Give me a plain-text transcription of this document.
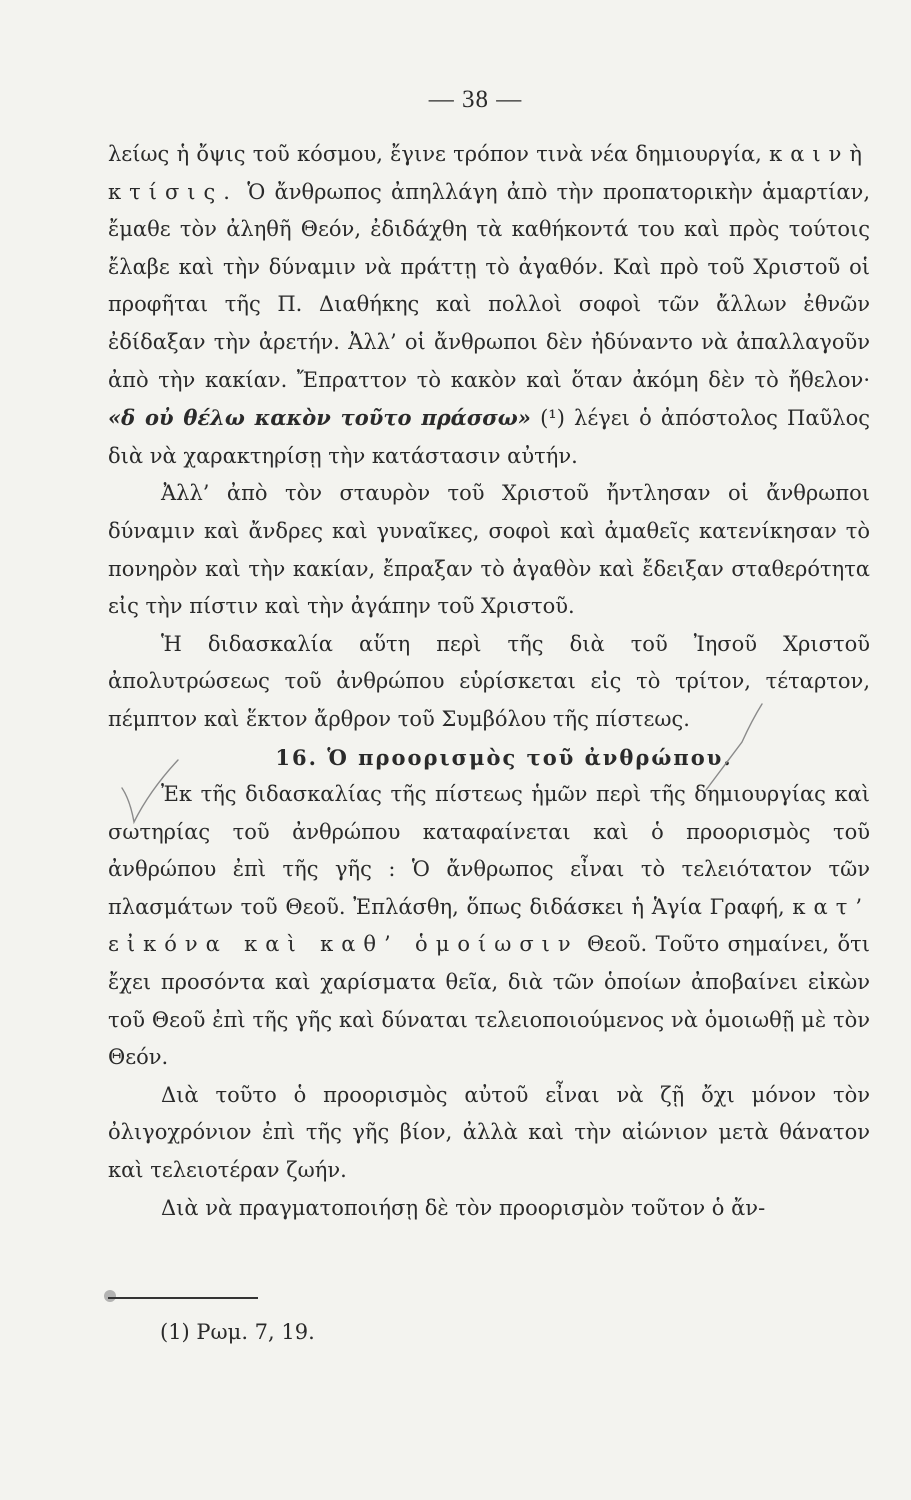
— 38 —

λείως ἡ ὄψις τοῦ κόσμου, ἔγινε τρόπον τινὰ νέα δημιουργία, καινὴ κτίσις. Ὁ ἄνθρωπος ἀπηλλάγη ἀπὸ τὴν προπατορικὴν ἁμαρτίαν, ἔμαθε τὸν ἀληθῆ Θεόν, ἐδιδάχθη τὰ καθήκοντά του καὶ πρὸς τούτοις ἔλαβε καὶ τὴν δύναμιν νὰ πράττῃ τὸ ἀγαθόν. Καὶ πρὸ τοῦ Χριστοῦ οἱ προφῆται τῆς Π. Διαθήκης καὶ πολλοὶ σοφοὶ τῶν ἄλλων ἐθνῶν ἐδίδαξαν τὴν ἀρετήν. Ἀλλ’ οἱ ἄνθρωποι δὲν ἠδύναντο νὰ ἀπαλλαγοῦν ἀπὸ τὴν κακίαν. Ἔπραττον τὸ κακὸν καὶ ὅταν ἀκόμη δὲν τὸ ἤθελον· «δ οὐ θέλω κακὸν τοῦτο πράσσω» (¹) λέγει ὁ ἀπόστολος Παῦλος διὰ νὰ χαρακτηρίσῃ τὴν κατάστασιν αὐτήν.

Ἀλλ’ ἀπὸ τὸν σταυρὸν τοῦ Χριστοῦ ἤντλησαν οἱ ἄνθρωποι δύναμιν καὶ ἄνδρες καὶ γυναῖκες, σοφοὶ καὶ ἀμαθεῖς κατενίκησαν τὸ πονηρὸν καὶ τὴν κακίαν, ἔπραξαν τὸ ἀγαθὸν καὶ ἔδειξαν σταθερότητα εἰς τὴν πίστιν καὶ τὴν ἀγάπην τοῦ Χριστοῦ.

Ἡ διδασκαλία αὕτη περὶ τῆς διὰ τοῦ Ἰησοῦ Χριστοῦ ἀπολυτρώσεως τοῦ ἀνθρώπου εὑρίσκεται εἰς τὸ τρίτον, τέταρτον, πέμπτον καὶ ἕκτον ἄρθρον τοῦ Συμβόλου τῆς πίστεως.

16. Ὁ προορισμὸς τοῦ ἀνθρώπου.

Ἐκ τῆς διδασκαλίας τῆς πίστεως ἡμῶν περὶ τῆς δημιουργίας καὶ σωτηρίας τοῦ ἀνθρώπου καταφαίνεται καὶ ὁ προορισμὸς τοῦ ἀνθρώπου ἐπὶ τῆς γῆς : Ὁ ἄνθρωπος εἶναι τὸ τελειότατον τῶν πλασμάτων τοῦ Θεοῦ. Ἐπλάσθη, ὅπως διδάσκει ἡ Ἁγία Γραφή, κατ’ εἰκόνα καὶ καθ’ ὁμοίωσιν Θεοῦ. Τοῦτο σημαίνει, ὅτι ἔχει προσόντα καὶ χαρίσματα θεῖα, διὰ τῶν ὁποίων ἀποβαίνει εἰκὼν τοῦ Θεοῦ ἐπὶ τῆς γῆς καὶ δύναται τελειοποιούμενος νὰ ὁμοιωθῇ μὲ τὸν Θεόν.

Διὰ τοῦτο ὁ προορισμὸς αὐτοῦ εἶναι νὰ ζῇ ὄχι μόνον τὸν ὀλιγοχρόνιον ἐπὶ τῆς γῆς βίον, ἀλλὰ καὶ τὴν αἰώνιον μετὰ θάνατον καὶ τελειοτέραν ζωήν.

Διὰ νὰ πραγματοποιήσῃ δὲ τὸν προορισμὸν τοῦτον ὁ ἄν-

(1) Ρωμ. 7, 19.
